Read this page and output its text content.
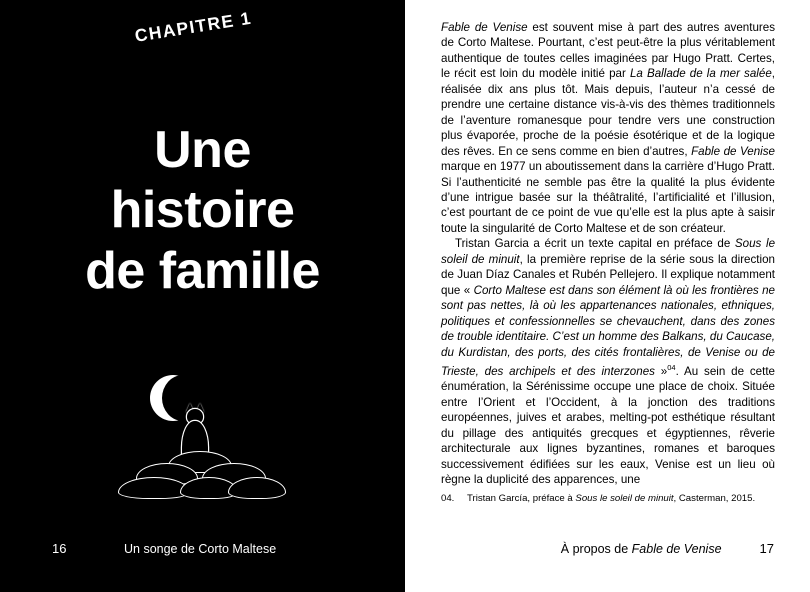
CHAPITRE 1
Une
histoire
de famille
16	Un songe de Corto Maltese

Fable de Venise est souvent mise à part des autres aventures de Corto Maltese. Pourtant, c’est peut-être la plus véritablement authentique de toutes celles imaginées par Hugo Pratt. Certes, le récit est loin du modèle initié par La Ballade de la mer salée, réalisée dix ans plus tôt. Mais depuis, l’auteur n’a cessé de prendre une certaine distance vis-à-vis des thèmes traditionnels de l’aventure romanesque pour tendre vers une construction plus évaporée, proche de la poésie ésotérique et de la logique des rêves. En ce sens comme en bien d’autres, Fable de Venise marque en 1977 un aboutissement dans la carrière d’Hugo Pratt. Si l’authenticité ne semble pas être la qualité la plus évidente d’une intrigue basée sur la théâtralité, l’artificialité et l’illusion, c’est pourtant de ce point de vue qu’elle est la plus apte à saisir toute la singularité de Corto Maltese et de son créateur.

Tristan Garcia a écrit un texte capital en préface de Sous le soleil de minuit, la première reprise de la série sous la direction de Juan Díaz Canales et Rubén Pellejero. Il explique notamment que « Corto Maltese est dans son élément là où les frontières ne sont pas nettes, là où les appartenances nationales, ethniques, politiques et confessionnelles se chevauchent, dans des zones de trouble identitaire. C’est un homme des Balkans, du Caucase, du Kurdistan, des ports, des cités frontalières, de Venise ou de Trieste, des archipels et des interzones »$^{04}$. Au sein de cette énumération, la Sérénissime occupe une place de choix. Située entre l’Orient et l’Occident, à la jonction des traditions européennes, juives et arabes, melting-pot esthétique résultant du pillage des antiquités grecques et égyptiennes, rêverie architecturale aux lignes byzantines, romanes et baroques successivement édifiées sur les eaux, Venise est un lieu où règne la duplicité des apparences, une

04. Tristan García, préface à Sous le soleil de minuit, Casterman, 2015.
À propos de Fable de Venise	17
